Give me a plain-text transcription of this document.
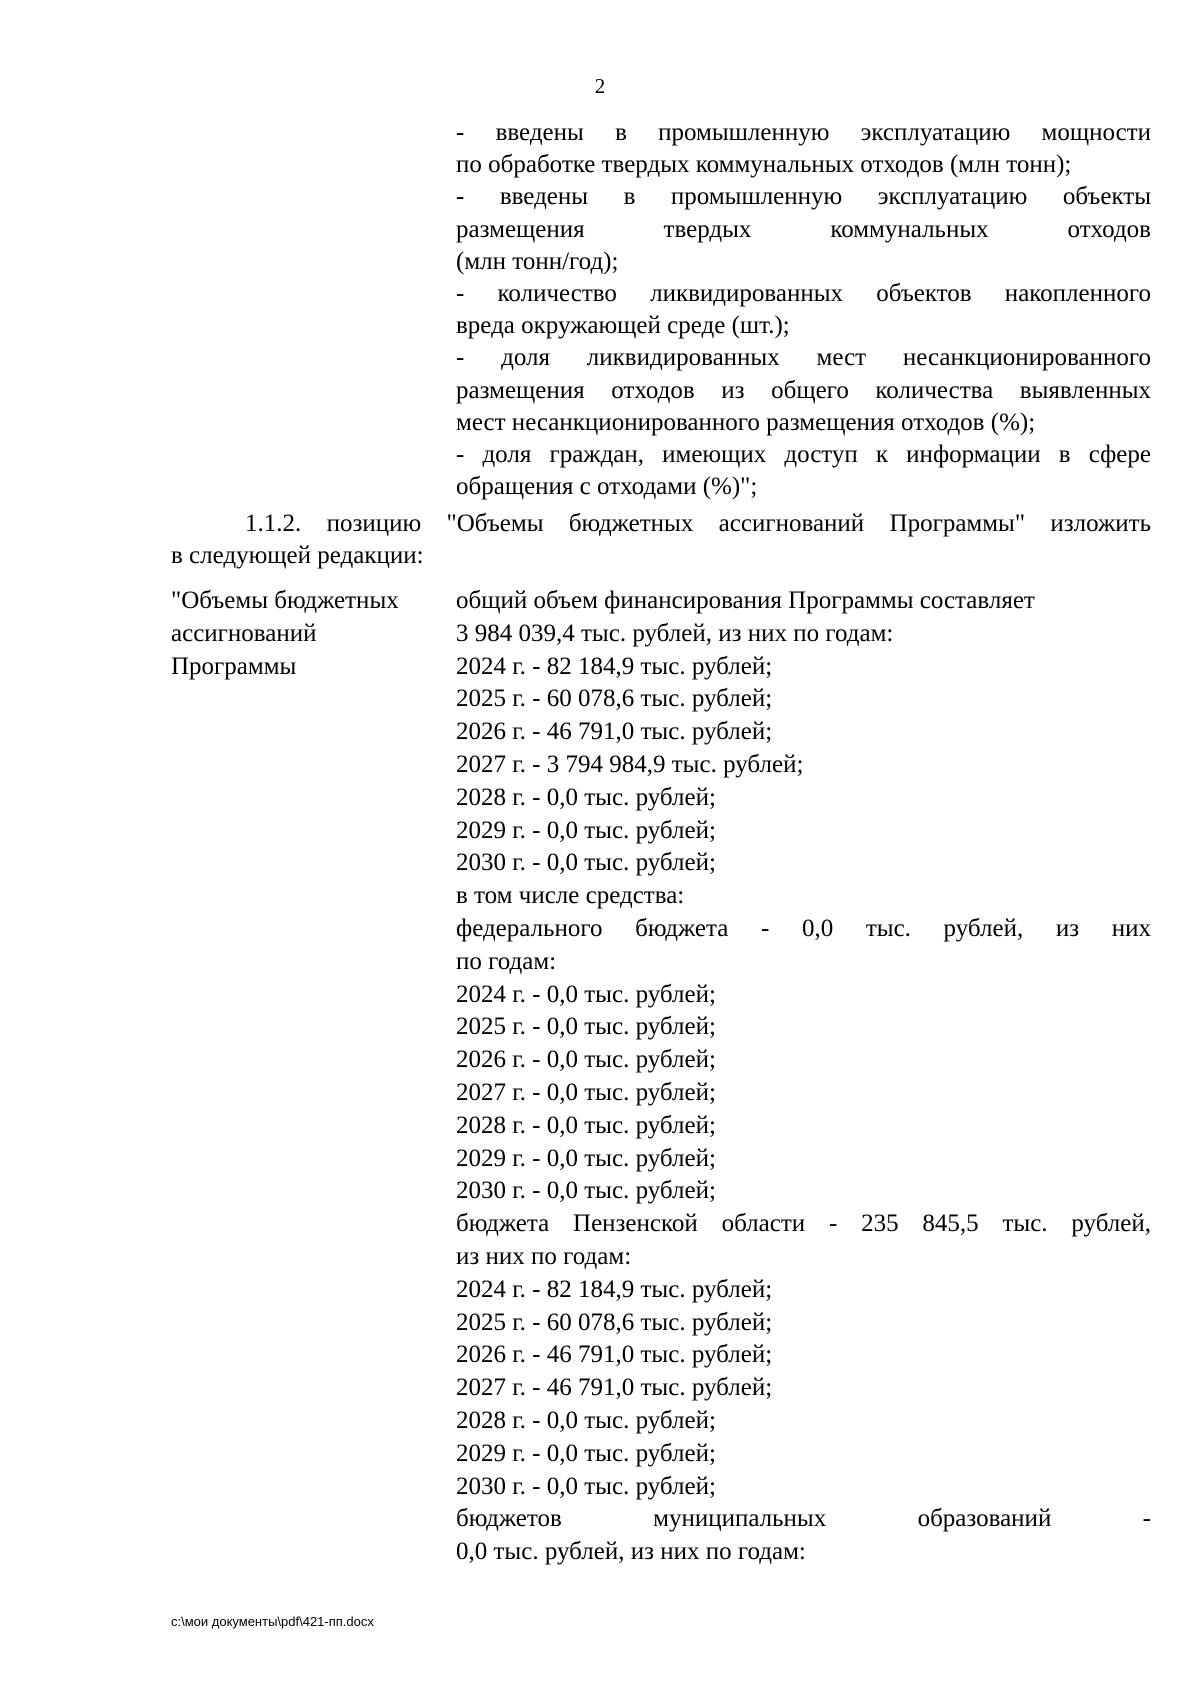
2
- введены в промышленную эксплуатацию мощности
по обработке твердых коммунальных отходов (млн тонн);
- введены в промышленную эксплуатацию объекты
размещения твердых коммунальных отходов
(млн тонн/год);
- количество ликвидированных объектов накопленного
вреда окружающей среде (шт.);
- доля ликвидированных мест несанкционированного
размещения отходов из общего количества выявленных
мест несанкционированного размещения отходов (%);
- доля граждан, имеющих доступ к информации в сфере
обращения с отходами (%)";
1.1.2. позицию "Объемы бюджетных ассигнований Программы" изложить
в следующей редакции:
"Объемы бюджетных
ассигнований
Программы
общий объем финансирования Программы составляет
3 984 039,4 тыс. рублей, из них по годам:
2024 г. - 82 184,9 тыс. рублей;
2025 г. - 60 078,6 тыс. рублей;
2026 г. - 46 791,0 тыс. рублей;
2027 г. - 3 794 984,9 тыс. рублей;
2028 г. - 0,0 тыс. рублей;
2029 г. - 0,0 тыс. рублей;
2030 г. - 0,0 тыс. рублей;
в том числе средства:
федерального бюджета - 0,0 тыс. рублей, из них
по годам:
2024 г. - 0,0 тыс. рублей;
2025 г. - 0,0 тыс. рублей;
2026 г. - 0,0 тыс. рублей;
2027 г. - 0,0 тыс. рублей;
2028 г. - 0,0 тыс. рублей;
2029 г. - 0,0 тыс. рублей;
2030 г. - 0,0 тыс. рублей;
бюджета Пензенской области - 235 845,5 тыс. рублей,
из них по годам:
2024 г. - 82 184,9 тыс. рублей;
2025 г. - 60 078,6 тыс. рублей;
2026 г. - 46 791,0 тыс. рублей;
2027 г. - 46 791,0 тыс. рублей;
2028 г. - 0,0 тыс. рублей;
2029 г. - 0,0 тыс. рублей;
2030 г. - 0,0 тыс. рублей;
бюджетов муниципальных образований -
0,0 тыс. рублей, из них по годам:
c:\мои документы\pdf\421-пп.docx
